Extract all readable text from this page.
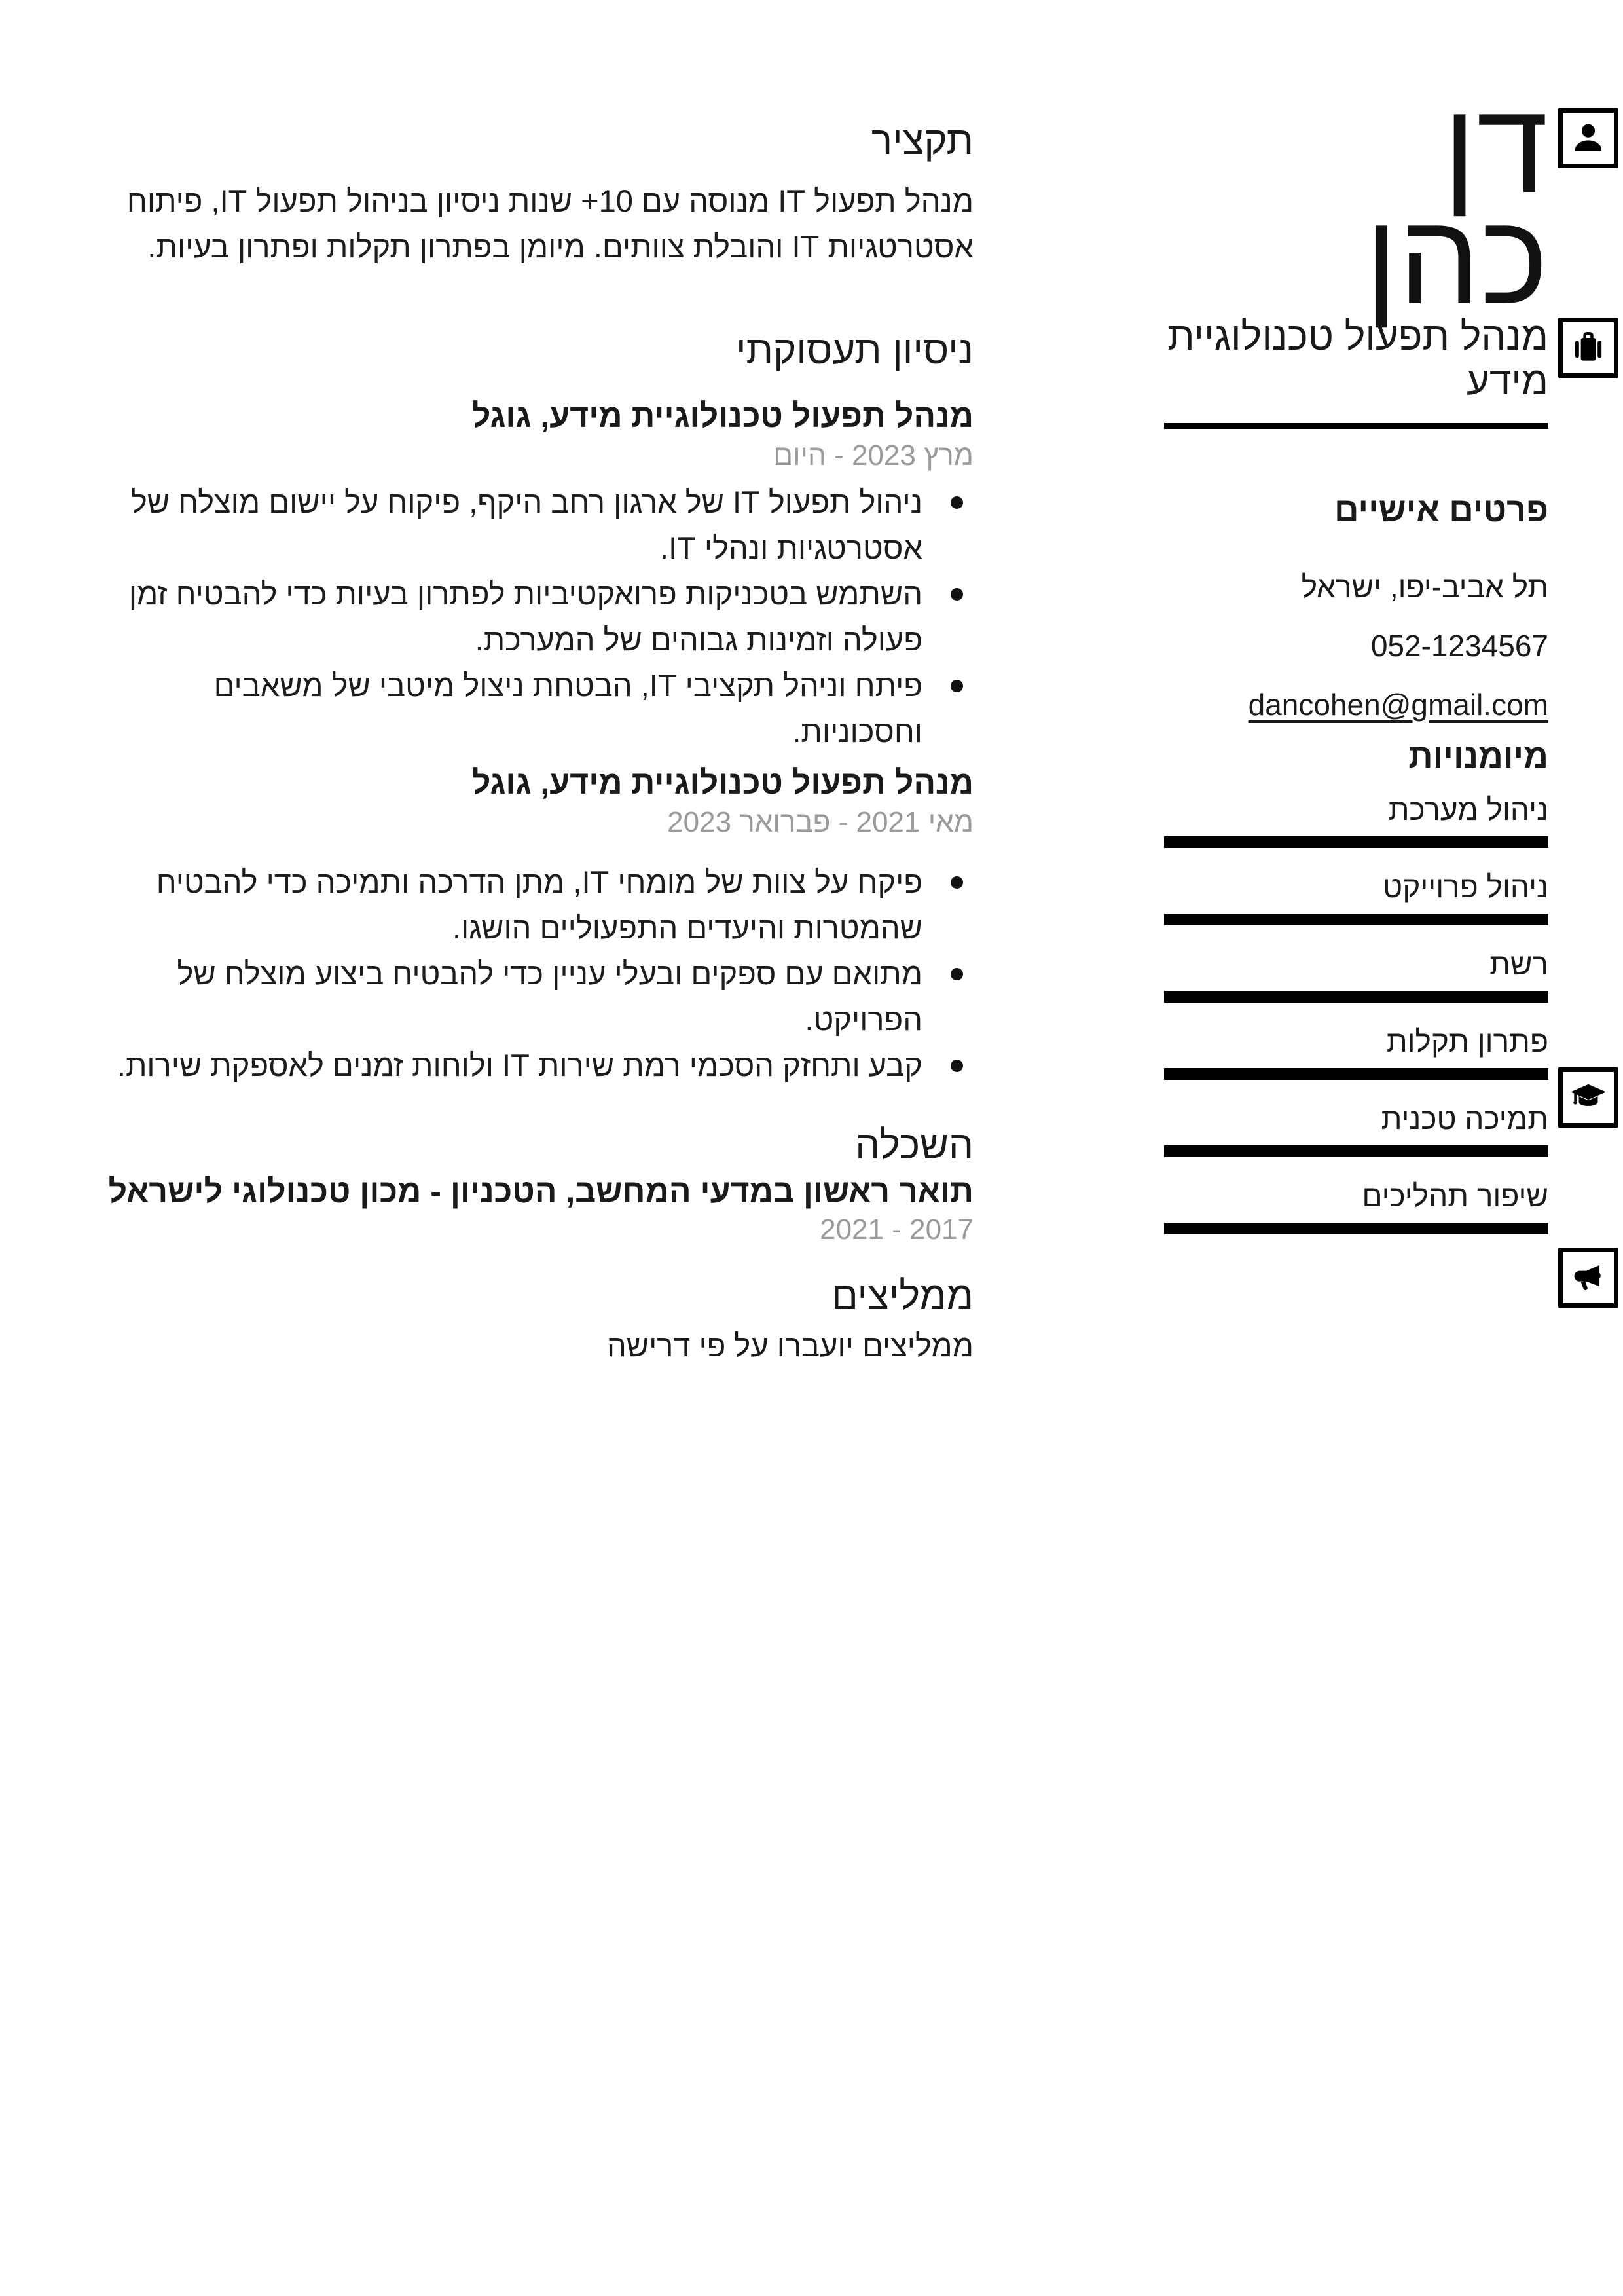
תקציר

מנהל תפעול IT מנוסה עם 10+ שנות ניסיון בניהול תפעול IT, פיתוח אסטרטגיות IT והובלת צוותים. מיומן בפתרון תקלות ופתרון בעיות.

ניסיון תעסוקתי
מנהל תפעול טכנולוגיית מידע, גוגל

מרץ 2023 - היום

ניהול תפעול IT של ארגון רחב היקף, פיקוח על יישום מוצלח של אסטרטגיות ונהלי IT.
השתמש בטכניקות פרואקטיביות לפתרון בעיות כדי להבטיח זמן פעולה וזמינות גבוהים של המערכת.
פיתח וניהל תקציבי IT, הבטחת ניצול מיטבי של משאבים וחסכוניות.
מנהל תפעול טכנולוגיית מידע, גוגל

מאי 2021 - פברואר 2023

פיקח על צוות של מומחי IT, מתן הדרכה ותמיכה כדי להבטיח שהמטרות והיעדים התפעוליים הושגו.
מתואם עם ספקים ובעלי עניין כדי להבטיח ביצוע מוצלח של הפרויקט.
קבע ותחזק הסכמי רמת שירות IT ולוחות זמנים לאספקת שירות.
השכלה
תואר ראשון במדעי המחשב, הטכניון - מכון טכנולוגי לישראל

2017 - 2021

ממליצים

ממליצים יועברו על פי דרישה

דן
כהן

מנהל תפעול טכנולוגיית מידע

פרטים אישיים

תל אביב-יפו, ישראל

052-1234567

dancohen@gmail.com

מיומנויות
ניהול מערכת
ניהול פרוייקט
רשת
פתרון תקלות
תמיכה טכנית
שיפור תהליכים
